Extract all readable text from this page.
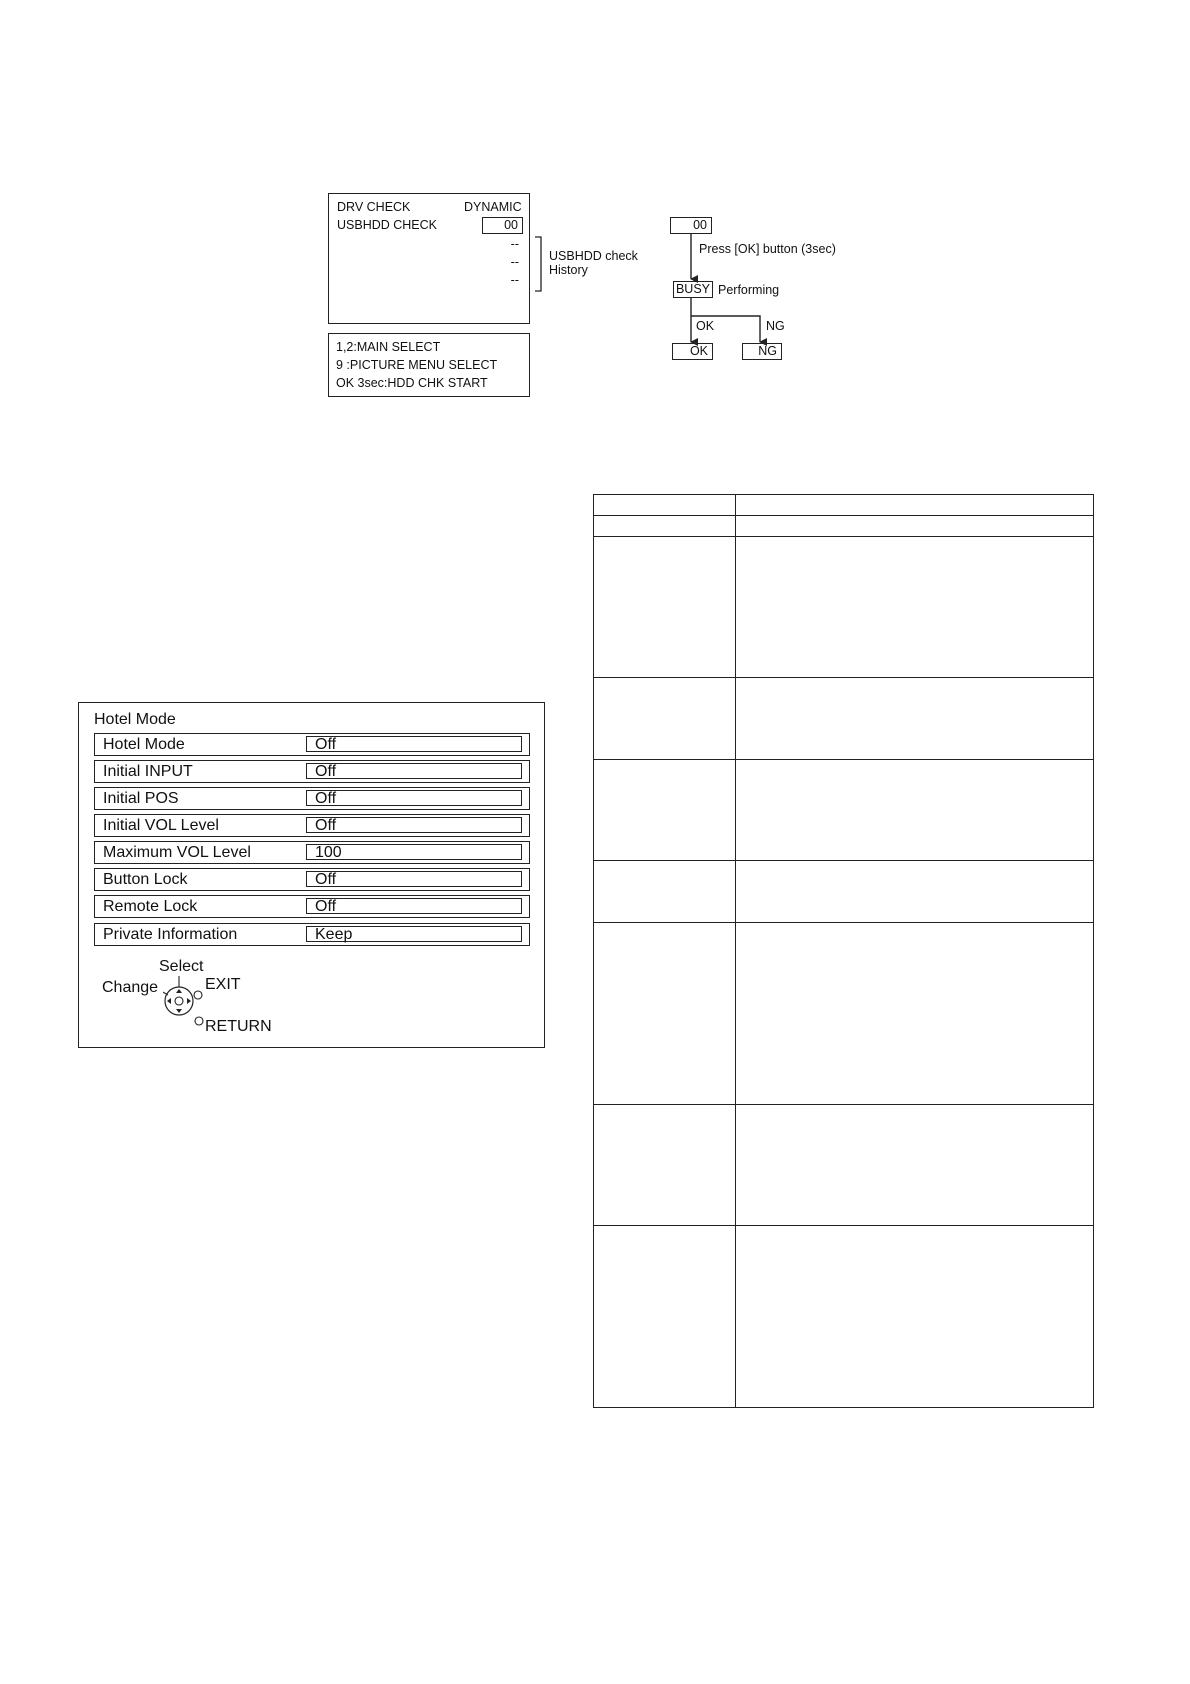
DRV CHECK	DYNAMIC
USBHDD CHECK	00
--
--
--
USBHDD check
History
1,2:MAIN SELECT
9 :PICTURE MENU SELECT
OK 3sec:HDD CHK START
00
Press [OK] button (3sec)
BUSY Performing
OK	NG
OK	NG
Hotel Mode
Hotel Mode	Off
Initial INPUT	Off
Initial POS	Off
Initial VOL Level	Off
Maximum VOL Level	100
Button Lock	Off
Remote Lock	Off
Private Information	Keep
Select
Change	EXIT
RETURN
